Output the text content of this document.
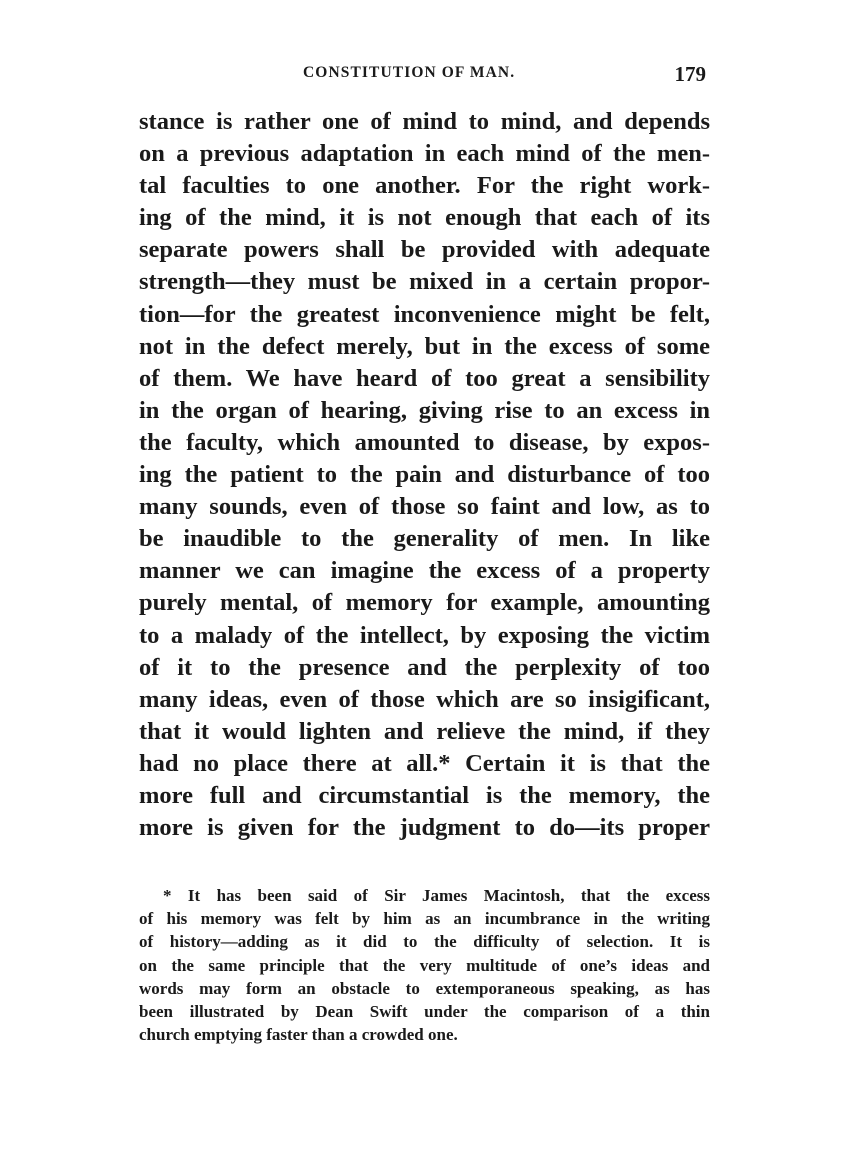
CONSTITUTION OF MAN.	179
stance is rather one of mind to mind, and depends
on a previous adaptation in each mind of the men-
tal faculties to one another. For the right work-
ing of the mind, it is not enough that each of its
separate powers shall be provided with adequate
strength—they must be mixed in a certain propor-
tion—for the greatest inconvenience might be felt,
not in the defect merely, but in the excess of some
of them. We have heard of too great a sensibility
in the organ of hearing, giving rise to an excess in
the faculty, which amounted to disease, by expos-
ing the patient to the pain and disturbance of too
many sounds, even of those so faint and low, as to
be inaudible to the generality of men. In like
manner we can imagine the excess of a property
purely mental, of memory for example, amounting
to a malady of the intellect, by exposing the victim
of it to the presence and the perplexity of too
many ideas, even of those which are so insigificant,
that it would lighten and relieve the mind, if they
had no place there at all.* Certain it is that the
more full and circumstantial is the memory, the
more is given for the judgment to do—its proper
* It has been said of Sir James Macintosh, that the excess
of his memory was felt by him as an incumbrance in the writing
of history—adding as it did to the difficulty of selection. It is
on the same principle that the very multitude of one’s ideas and
words may form an obstacle to extemporaneous speaking, as has
been illustrated by Dean Swift under the comparison of a thin
church emptying faster than a crowded one.
